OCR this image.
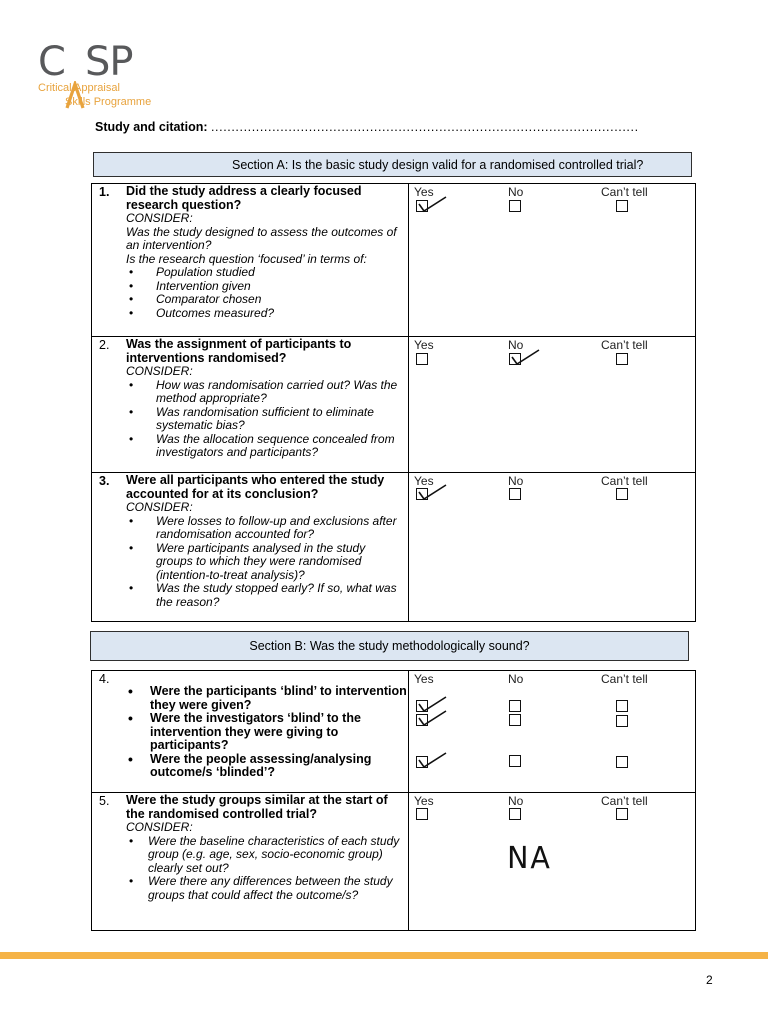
C SP
Critical Appraisal
Skills Programme
Study and citation: .........................................................................................................
Section A: Is the basic study design valid for a randomised controlled trial?
1. Did the study address a clearly focused research question?
CONSIDER:
Was the study designed to assess the outcomes of an intervention?
Is the research question ‘focused’ in terms of:
• Population studied
• Intervention given
• Comparator chosen
• Outcomes measured?
Yes	No	Can’t tell
2. Was the assignment of participants to interventions randomised?
CONSIDER:
• How was randomisation carried out? Was the method appropriate?
• Was randomisation sufficient to eliminate systematic bias?
• Was the allocation sequence concealed from investigators and participants?
Yes	No	Can’t tell
3. Were all participants who entered the study accounted for at its conclusion?
CONSIDER:
• Were losses to follow-up and exclusions after randomisation accounted for?
• Were participants analysed in the study groups to which they were randomised (intention-to-treat analysis)?
• Was the study stopped early? If so, what was the reason?
Yes	No	Can’t tell
Section B: Was the study methodologically sound?
4.
• Were the participants ‘blind’ to intervention they were given?
• Were the investigators ‘blind’ to the intervention they were giving to participants?
• Were the people assessing/analysing outcome/s ‘blinded’?
Yes	No	Can’t tell
5. Were the study groups similar at the start of the randomised controlled trial?
CONSIDER:
• Were the baseline characteristics of each study group (e.g. age, sex, socio-economic group) clearly set out?
• Were there any differences between the study groups that could affect the outcome/s?
Yes	No	Can’t tell
NA
2
